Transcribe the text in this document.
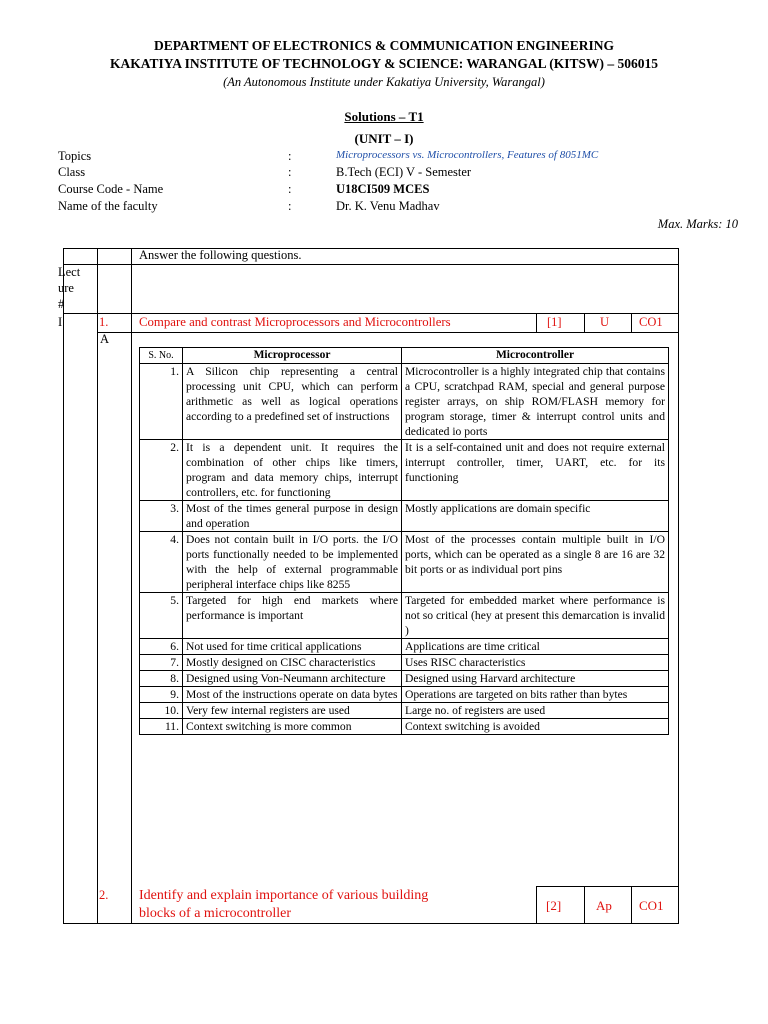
DEPARTMENT OF ELECTRONICS & COMMUNICATION ENGINEERING
KAKATIYA INSTITUTE OF TECHNOLOGY & SCIENCE: WARANGAL (KITSW) – 506015
(An Autonomous Institute under Kakatiya University, Warangal)
Solutions – T1
(UNIT – I)
Topics	:	Microprocessors vs. Microcontrollers, Features of 8051MC
Class	:	B.Tech (ECI) V - Semester
Course Code - Name	:	U18CI509 MCES
Name of the faculty	:	Dr. K. Venu Madhav
Max. Marks: 10
Answer the following questions.
Lect
ure
#
I	1. Compare and contrast Microprocessors and Microcontrollers	[1]	U CO1
A
2. Identify and explain importance of various building
blocks of a microcontroller
[2]	Ap CO1
S. No.	Microprocessor	Microcontroller
1.	A Silicon chip representing a central processing unit CPU, which can perform arithmetic as well as logical operations according to a predefined set of instructions	Microcontroller is a highly integrated chip that contains a CPU, scratchpad RAM, special and general purpose register arrays, on ship ROM/FLASH memory for program storage, timer & interrupt control units and dedicated io ports
2.	It is a dependent unit. It requires the combination of other chips like timers, program and data memory chips, interrupt controllers, etc. for functioning	It is a self-contained unit and does not require external interrupt controller, timer, UART, etc. for its functioning
3.	Most of the times general purpose in design and operation	Mostly applications are domain specific
4.	Does not contain built in I/O ports. the I/O ports functionally needed to be implemented with the help of external programmable peripheral interface chips like 8255	Most of the processes contain multiple built in I/O ports, which can be operated as a single 8 are 16 are 32 bit ports or as individual port pins
5.	Targeted for high end markets where performance is important	Targeted for embedded market where performance is not so critical (hey at present this demarcation is invalid )
6.	Not used for time critical applications	Applications are time critical
7.	Mostly designed on CISC characteristics	Uses RISC characteristics
8.	Designed using Von-Neumann architecture	Designed using Harvard architecture
9.	Most of the instructions operate on data bytes	Operations are targeted on bits rather than bytes
10.	Very few internal registers are used	Large no. of registers are used
11.	Context switching is more common	Context switching is avoided
